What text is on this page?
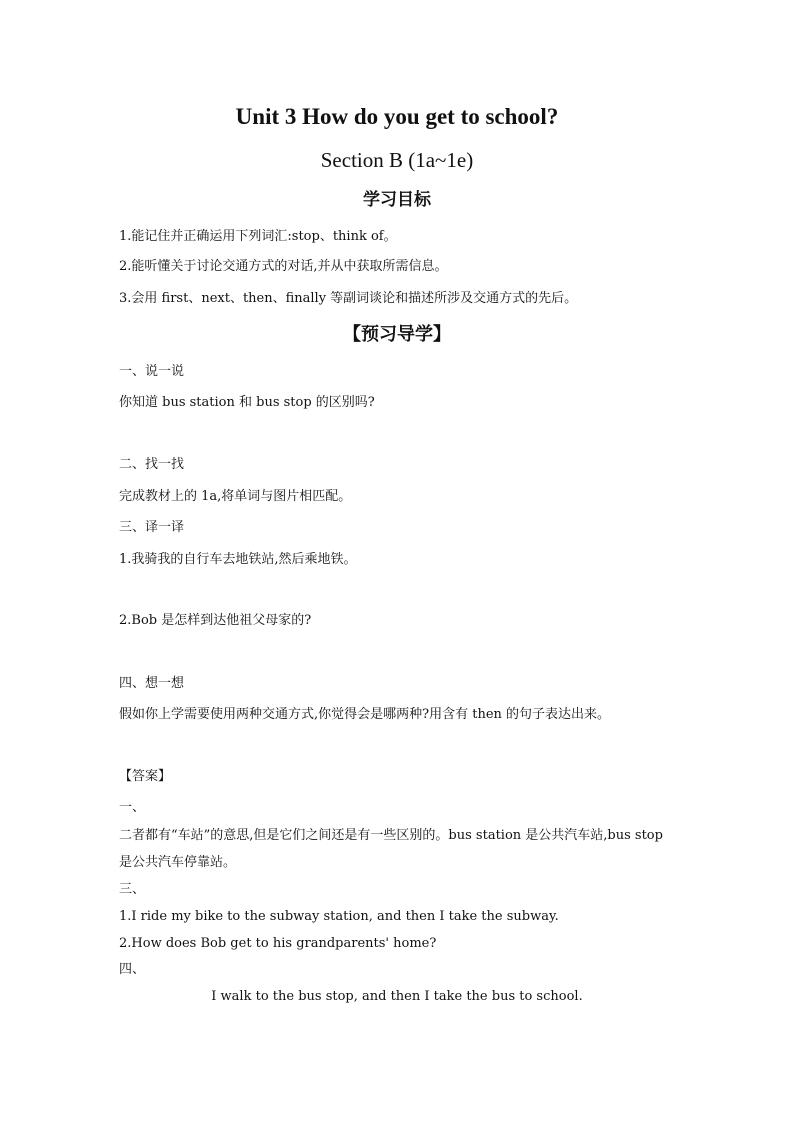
Unit 3 How do you get to school?
Section B (1a~1e)
学习目标
1.能记住并正确运用下列词汇:stop、think of。
2.能听懂关于讨论交通方式的对话,并从中获取所需信息。
3.会用 first、next、then、finally 等副词谈论和描述所涉及交通方式的先后。
【预习导学】
一、说一说
你知道 bus station 和 bus stop 的区别吗?
二、找一找
完成教材上的 1a,将单词与图片相匹配。
三、译一译
1.我骑我的自行车去地铁站,然后乘地铁。
2.Bob 是怎样到达他祖父母家的?
四、想一想
假如你上学需要使用两种交通方式,你觉得会是哪两种?用含有 then 的句子表达出来。
【答案】
一、
二者都有“车站”的意思,但是它们之间还是有一些区别的。bus station 是公共汽车站,bus stop
是公共汽车停靠站。
三、
1.I ride my bike to the subway station, and then I take the subway.
2.How does Bob get to his grandparents' home?
四、
I walk to the bus stop, and then I take the bus to school.
